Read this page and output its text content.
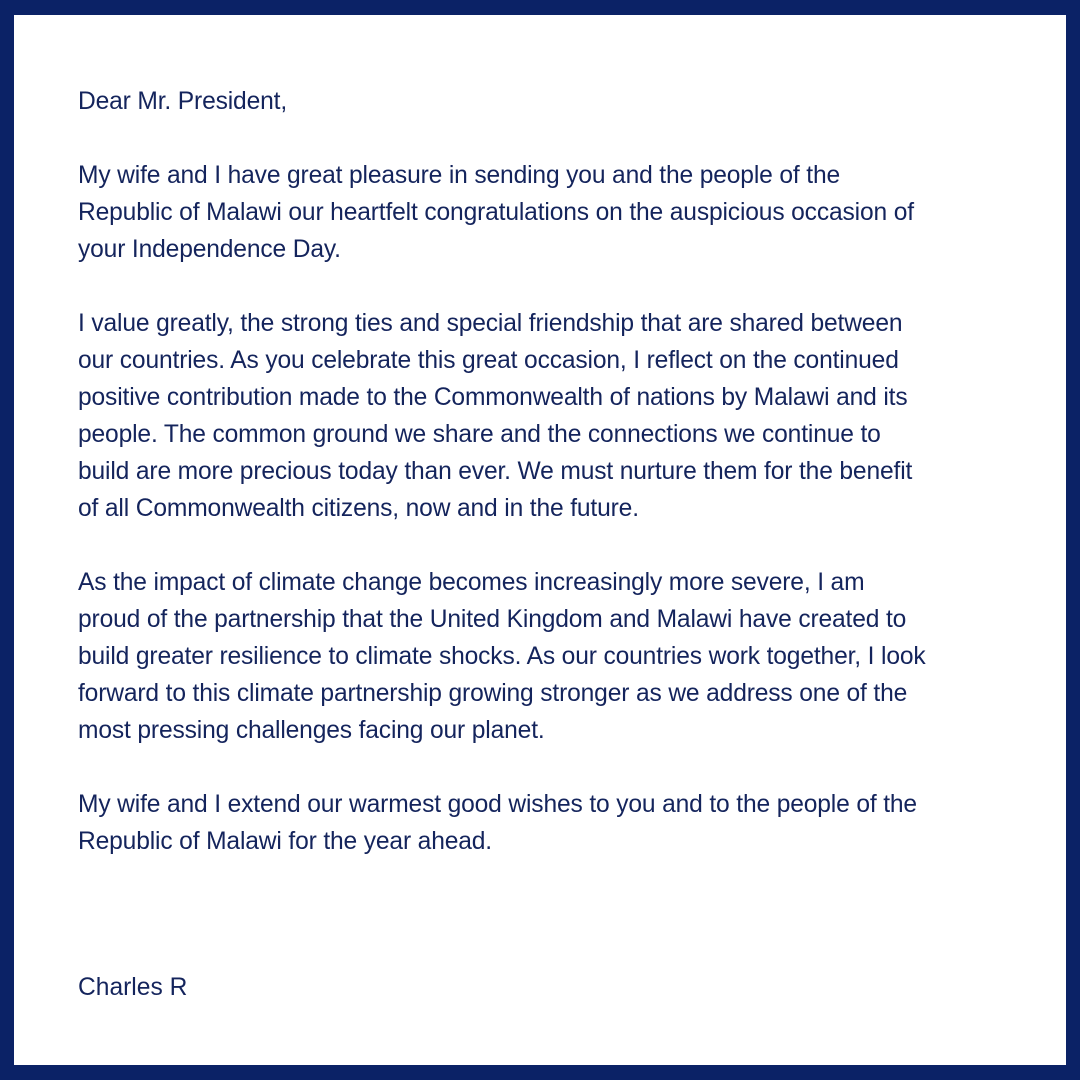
Dear Mr. President,
My wife and I have great pleasure in sending you and the people of the
Republic of Malawi our heartfelt congratulations on the auspicious occasion of
your Independence Day.
I value greatly, the strong ties and special friendship that are shared between
our countries. As you celebrate this great occasion, I reflect on the continued
positive contribution made to the Commonwealth of nations by Malawi and its
people. The common ground we share and the connections we continue to
build are more precious today than ever. We must nurture them for the benefit
of all Commonwealth citizens, now and in the future.
As the impact of climate change becomes increasingly more severe, I am
proud of the partnership that the United Kingdom and Malawi have created to
build greater resilience to climate shocks. As our countries work together, I look
forward to this climate partnership growing stronger as we address one of the
most pressing challenges facing our planet.
My wife and I extend our warmest good wishes to you and to the people of the
Republic of Malawi for the year ahead.
Charles R
